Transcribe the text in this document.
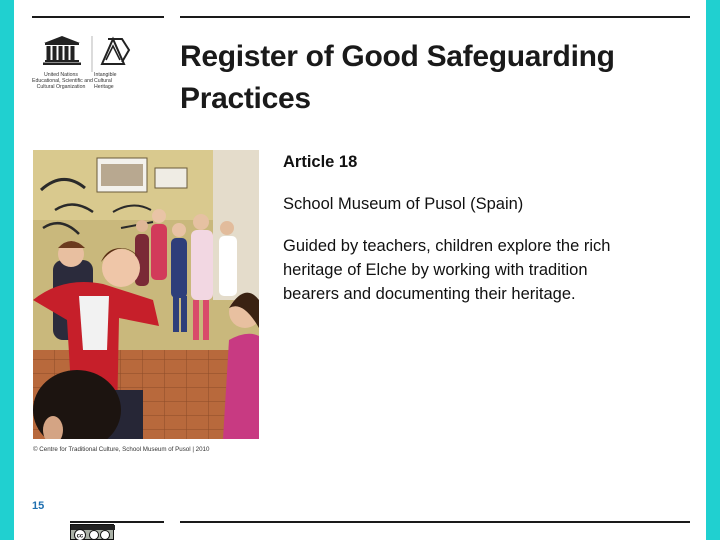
United Nations
Educational, Scientific and
Cultural Organization
Intangible
Cultural
Heritage
Register of Good Safeguarding Practices
© Centre for Traditional Culture, School Museum of Pusol | 2010

Article 18

School Museum of Pusol (Spain)

Guided by teachers, children explore the rich heritage of Elche by working with tradition bearers and documenting their heritage.

15
cc
